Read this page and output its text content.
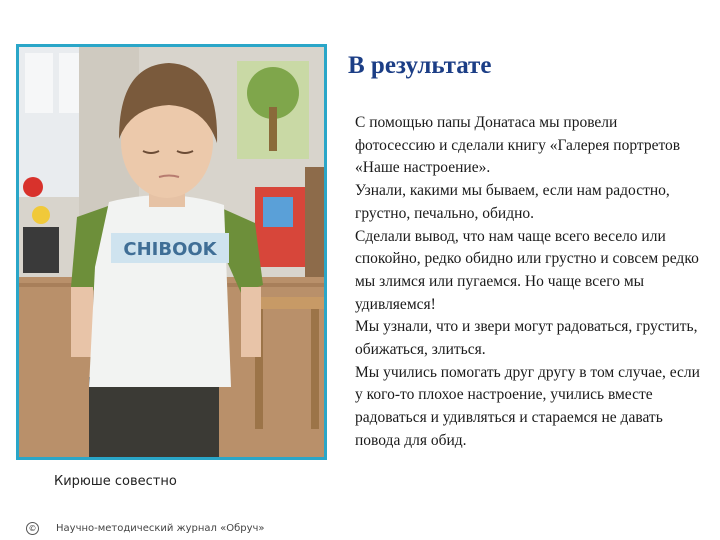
CHIBOOK
Кирюше совестно
В результате

С помощью папы Донатаса мы провели фотосессию и сделали книгу «Галерея портретов «Наше настроение».

Узнали, какими мы бываем, если нам радостно, грустно, печально, обидно.

Сделали вывод, что нам чаще всего весело или спокойно, редко обидно или грустно и совсем редко мы злимся или пугаемся. Но чаще всего мы удивляемся!

Мы узнали, что и звери могут радоваться, грустить, обижаться, злиться.

Мы учились помогать друг другу в том случае, если у кого-то плохое настроение, учились вместе радоваться и удивляться и стараемся не давать повода для обид.

© Научно-методический журнал «Обруч»
